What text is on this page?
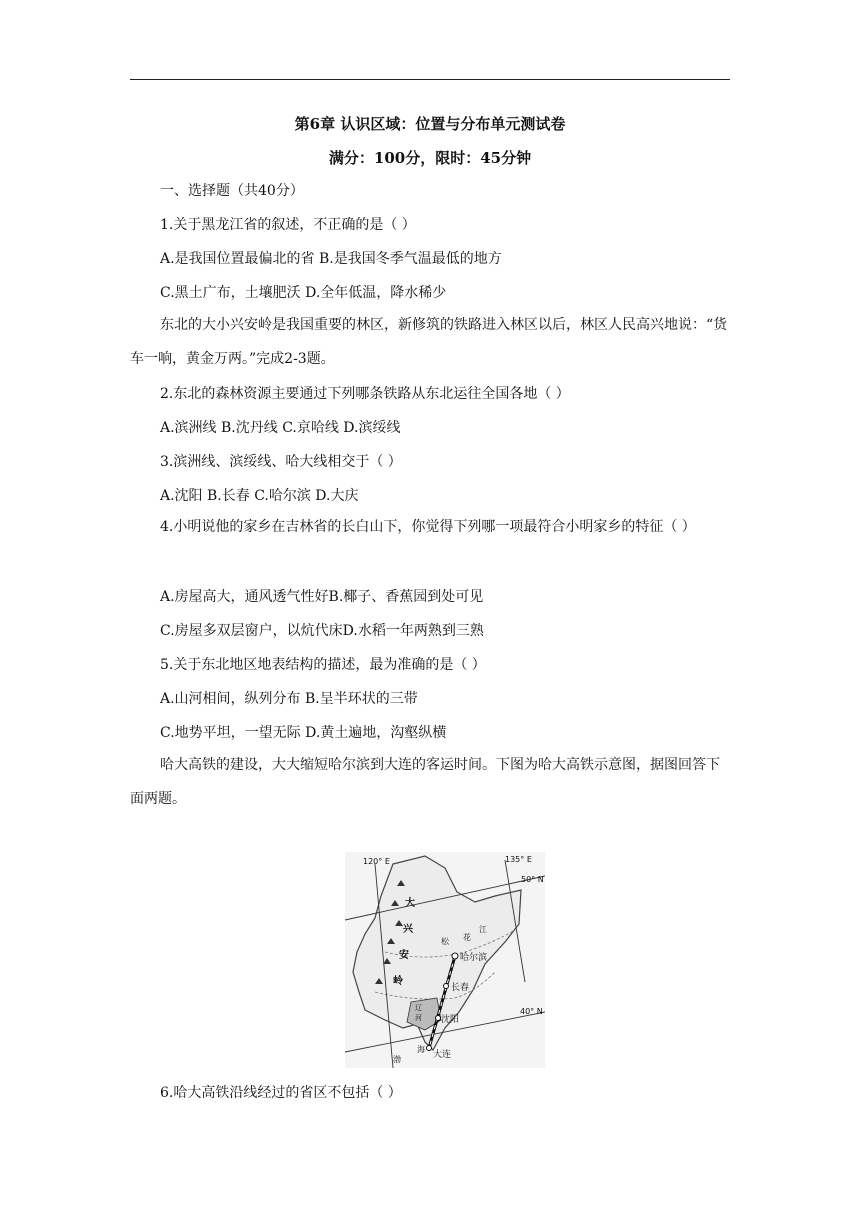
第6章 认识区域：位置与分布单元测试卷
满分：100分，限时：45分钟
一、选择题（共40分）
1.关于黑龙江省的叙述，不正确的是（ ）
A.是我国位置最偏北的省 B.是我国冬季气温最低的地方
C.黑土广布，土壤肥沃 D.全年低温，降水稀少
东北的大小兴安岭是我国重要的林区，新修筑的铁路进入林区以后，林区人民高兴地说：“货车一响，黄金万两。”完成2-3题。
2.东北的森林资源主要通过下列哪条铁路从东北运往全国各地（ ）
A.滨洲线 B.沈丹线 C.京哈线 D.滨绥线
3.滨洲线、滨绥线、哈大线相交于（ ）
A.沈阳 B.长春 C.哈尔滨 D.大庆
4.小明说他的家乡在吉林省的长白山下，你觉得下列哪一项最符合小明家乡的特征（ ）
A.房屋高大，通风透气性好B.椰子、香蕉园到处可见
C.房屋多双层窗户，以炕代床D.水稻一年两熟到三熟
5.关于东北地区地表结构的描述，最为准确的是（ ）
A.山河相间，纵列分布 B.呈半环状的三带
C.地势平坦，一望无际 D.黄土遍地，沟壑纵横
哈大高铁的建设，大大缩短哈尔滨到大连的客运时间。下图为哈大高铁示意图，据图回答下面两题。
120° E	135° E
50° N
40° N
大
兴
安
岭
松 花
江
哈尔滨
长春
沈阳
大连
辽
河
渤
海
6.哈大高铁沿线经过的省区不包括（ ）
